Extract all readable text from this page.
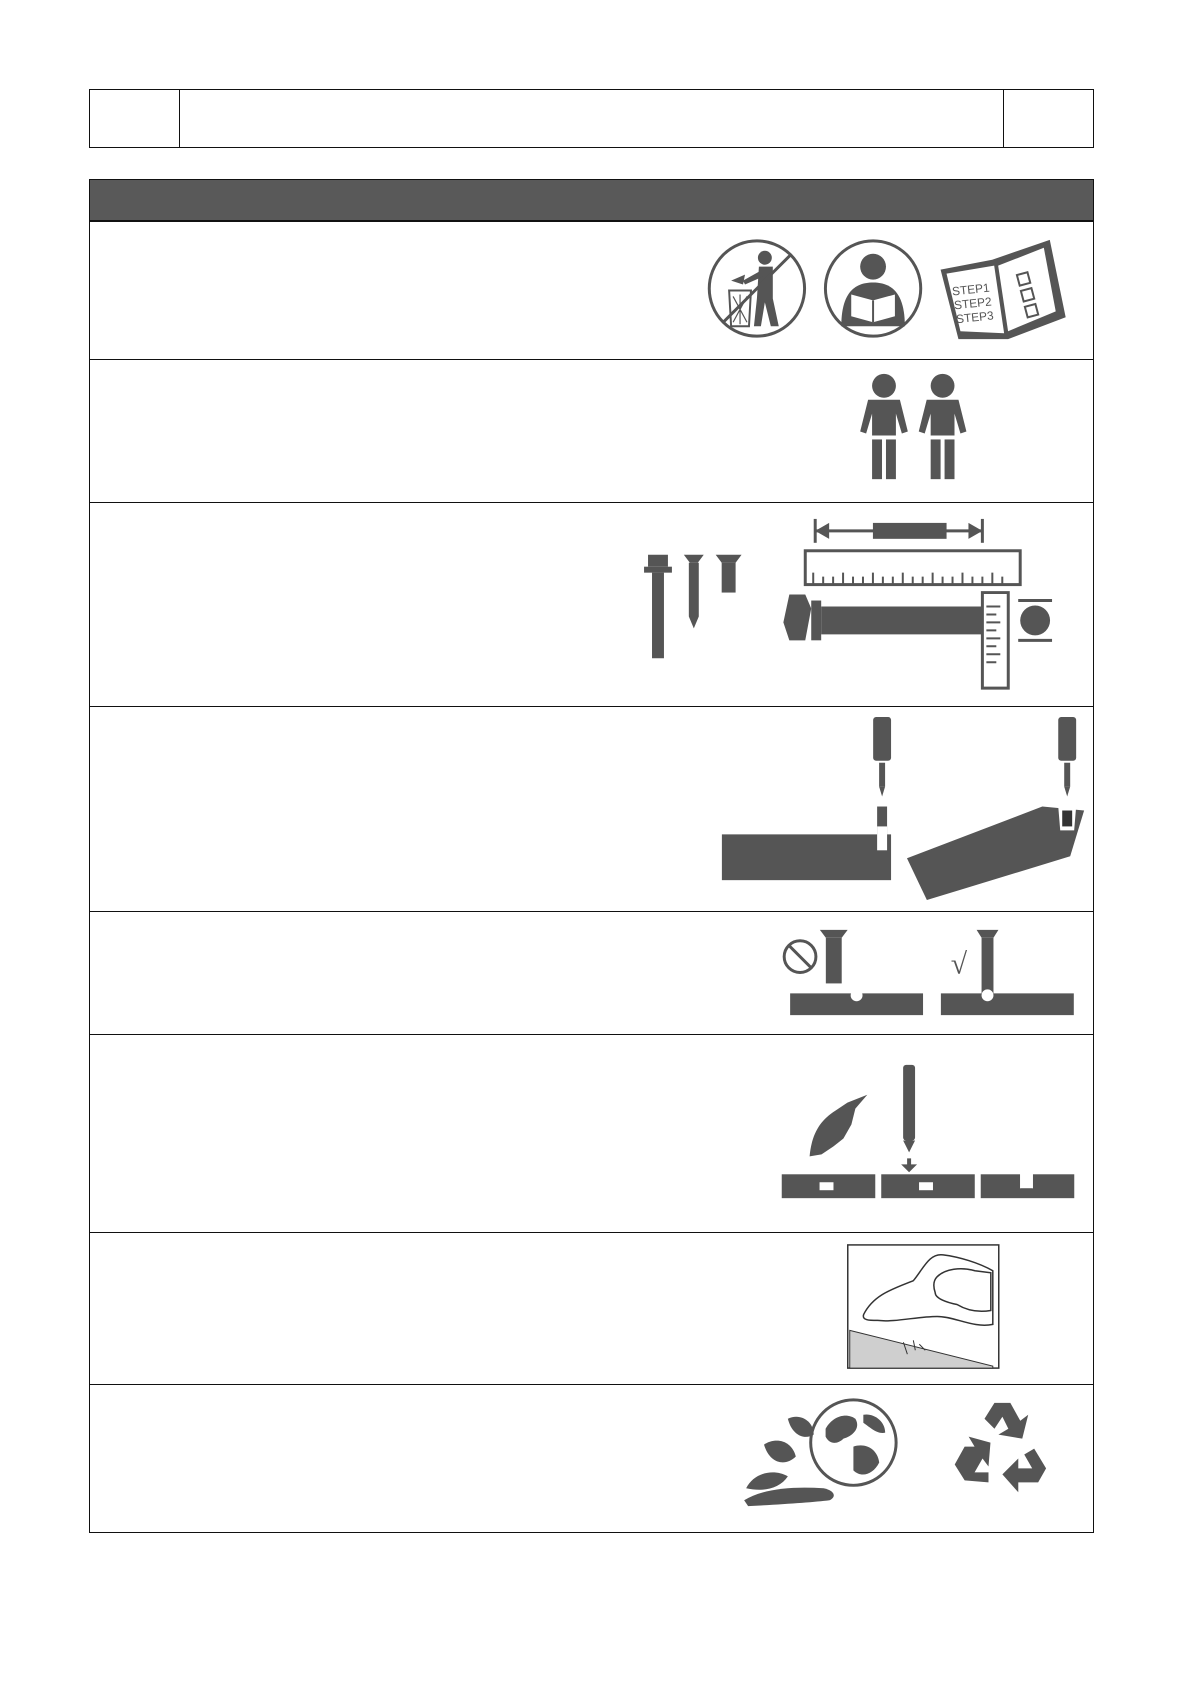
STEP1
STEP2
STEP3
√
